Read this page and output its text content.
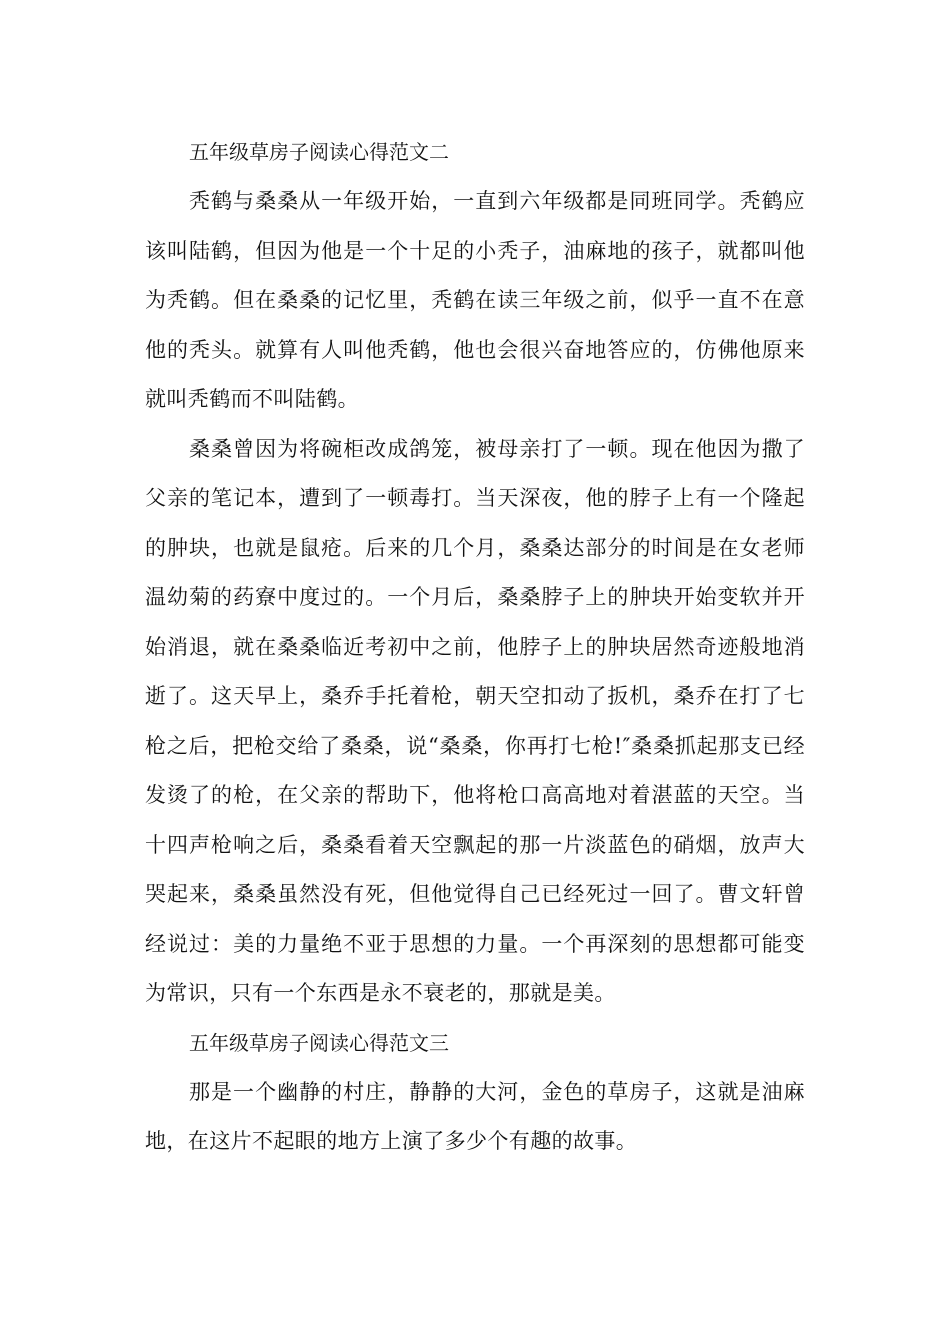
五年级草房子阅读心得范文二

秃鹤与桑桑从一年级开始，一直到六年级都是同班同学。秃鹤应该叫陆鹤，但因为他是一个十足的小秃子，油麻地的孩子，就都叫他为秃鹤。但在桑桑的记忆里，秃鹤在读三年级之前，似乎一直不在意他的秃头。就算有人叫他秃鹤，他也会很兴奋地答应的，仿佛他原来就叫秃鹤而不叫陆鹤。

桑桑曾因为将碗柜改成鸽笼，被母亲打了一顿。现在他因为撒了父亲的笔记本，遭到了一顿毒打。当天深夜，他的脖子上有一个隆起的肿块，也就是鼠疮。后来的几个月，桑桑达部分的时间是在女老师温幼菊的药寮中度过的。一个月后，桑桑脖子上的肿块开始变软并开始消退，就在桑桑临近考初中之前，他脖子上的肿块居然奇迹般地消逝了。这天早上，桑乔手托着枪，朝天空扣动了扳机，桑乔在打了七枪之后，把枪交给了桑桑，说“桑桑，你再打七枪!″桑桑抓起那支已经发烫了的枪，在父亲的帮助下，他将枪口高高地对着湛蓝的天空。当十四声枪响之后，桑桑看着天空飘起的那一片淡蓝色的硝烟，放声大哭起来，桑桑虽然没有死，但他觉得自己已经死过一回了。曹文轩曾经说过：美的力量绝不亚于思想的力量。一个再深刻的思想都可能变为常识，只有一个东西是永不衰老的，那就是美。

五年级草房子阅读心得范文三

那是一个幽静的村庄，静静的大河，金色的草房子，这就是油麻地，在这片不起眼的地方上演了多少个有趣的故事。
